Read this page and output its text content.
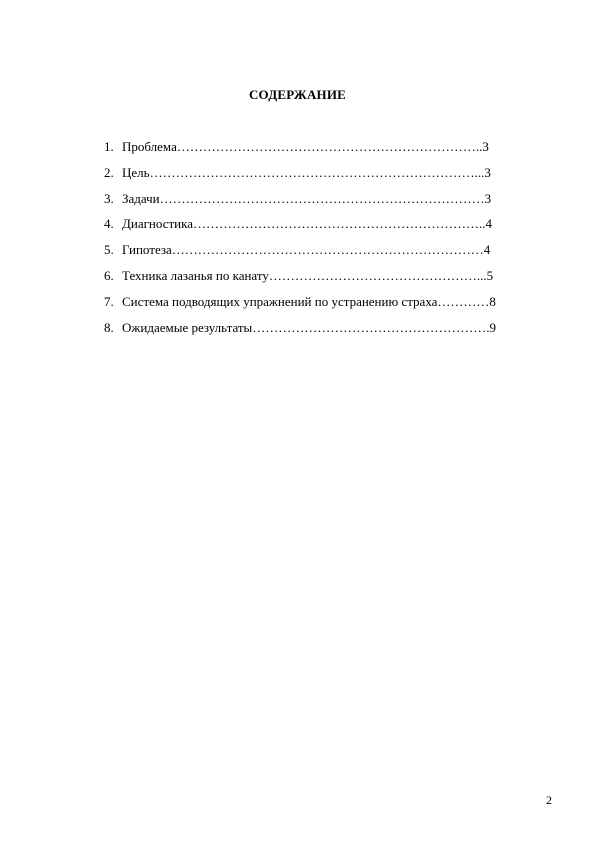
СОДЕРЖАНИЕ
1. Проблема……………………………………………………………..3
2. Цель…………………………………………………………………...3
3. Задачи…………………………………………………………………3
4. Диагностика…………………………………………………………..4
5. Гипотеза………………………………………………………………4
6. Техника лазанья по канату…………………………………………...5
7. Система подводящих упражнений по устранению страха…………8
8. Ожидаемые результаты……………………………………………….9
2
